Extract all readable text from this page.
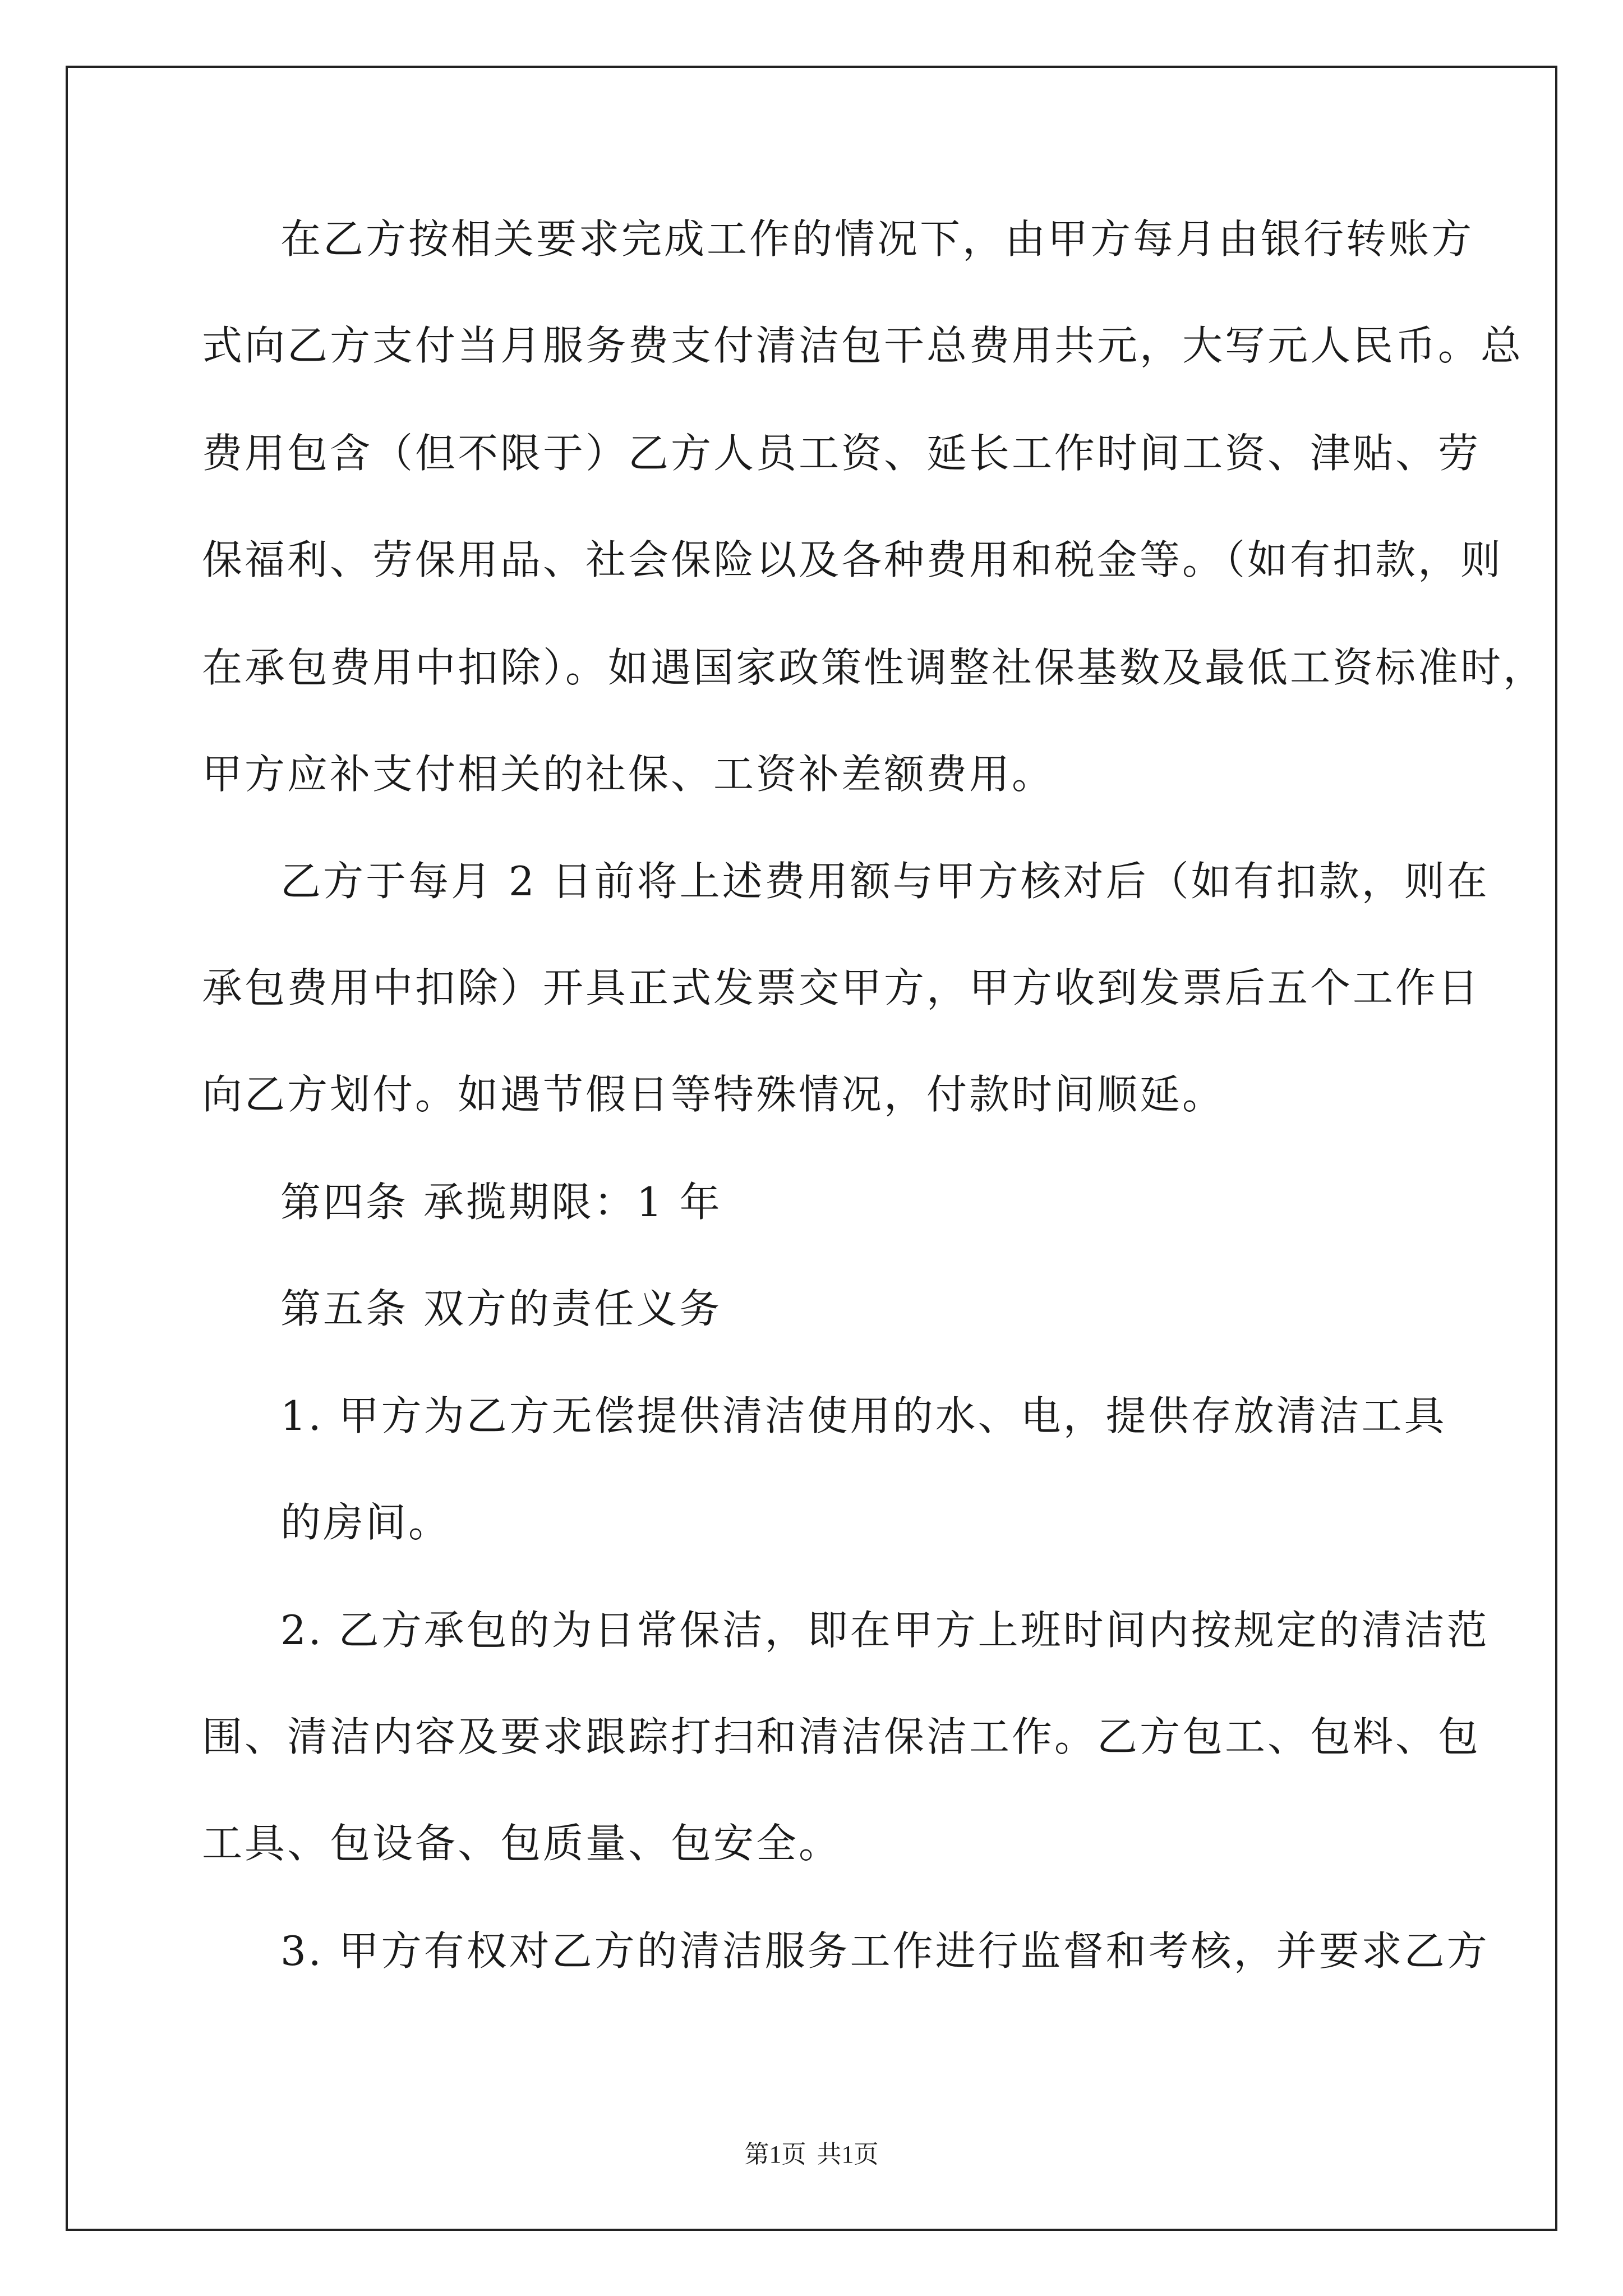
在乙方按相关要求完成工作的情况下，由甲方每月由银行转账方
式向乙方支付当月服务费支付清洁包干总费用共元，大写元人民币。总
费用包含（但不限于）乙方人员工资、延长工作时间工资、津贴、劳
保福利、劳保用品、社会保险以及各种费用和税金等。（如有扣款，则
在承包费用中扣除）。如遇国家政策性调整社保基数及最低工资标准时，
甲方应补支付相关的社保、工资补差额费用。
乙方于每月 2 日前将上述费用额与甲方核对后（如有扣款，则在
承包费用中扣除）开具正式发票交甲方，甲方收到发票后五个工作日
向乙方划付。如遇节假日等特殊情况，付款时间顺延。
第四条 承揽期限：1 年
第五条 双方的责任义务
1. 甲方为乙方无偿提供清洁使用的水、电，提供存放清洁工具
的房间。
2. 乙方承包的为日常保洁，即在甲方上班时间内按规定的清洁范
围、清洁内容及要求跟踪打扫和清洁保洁工作。乙方包工、包料、包
工具、包设备、包质量、包安全。
3. 甲方有权对乙方的清洁服务工作进行监督和考核，并要求乙方
第1页 共1页
